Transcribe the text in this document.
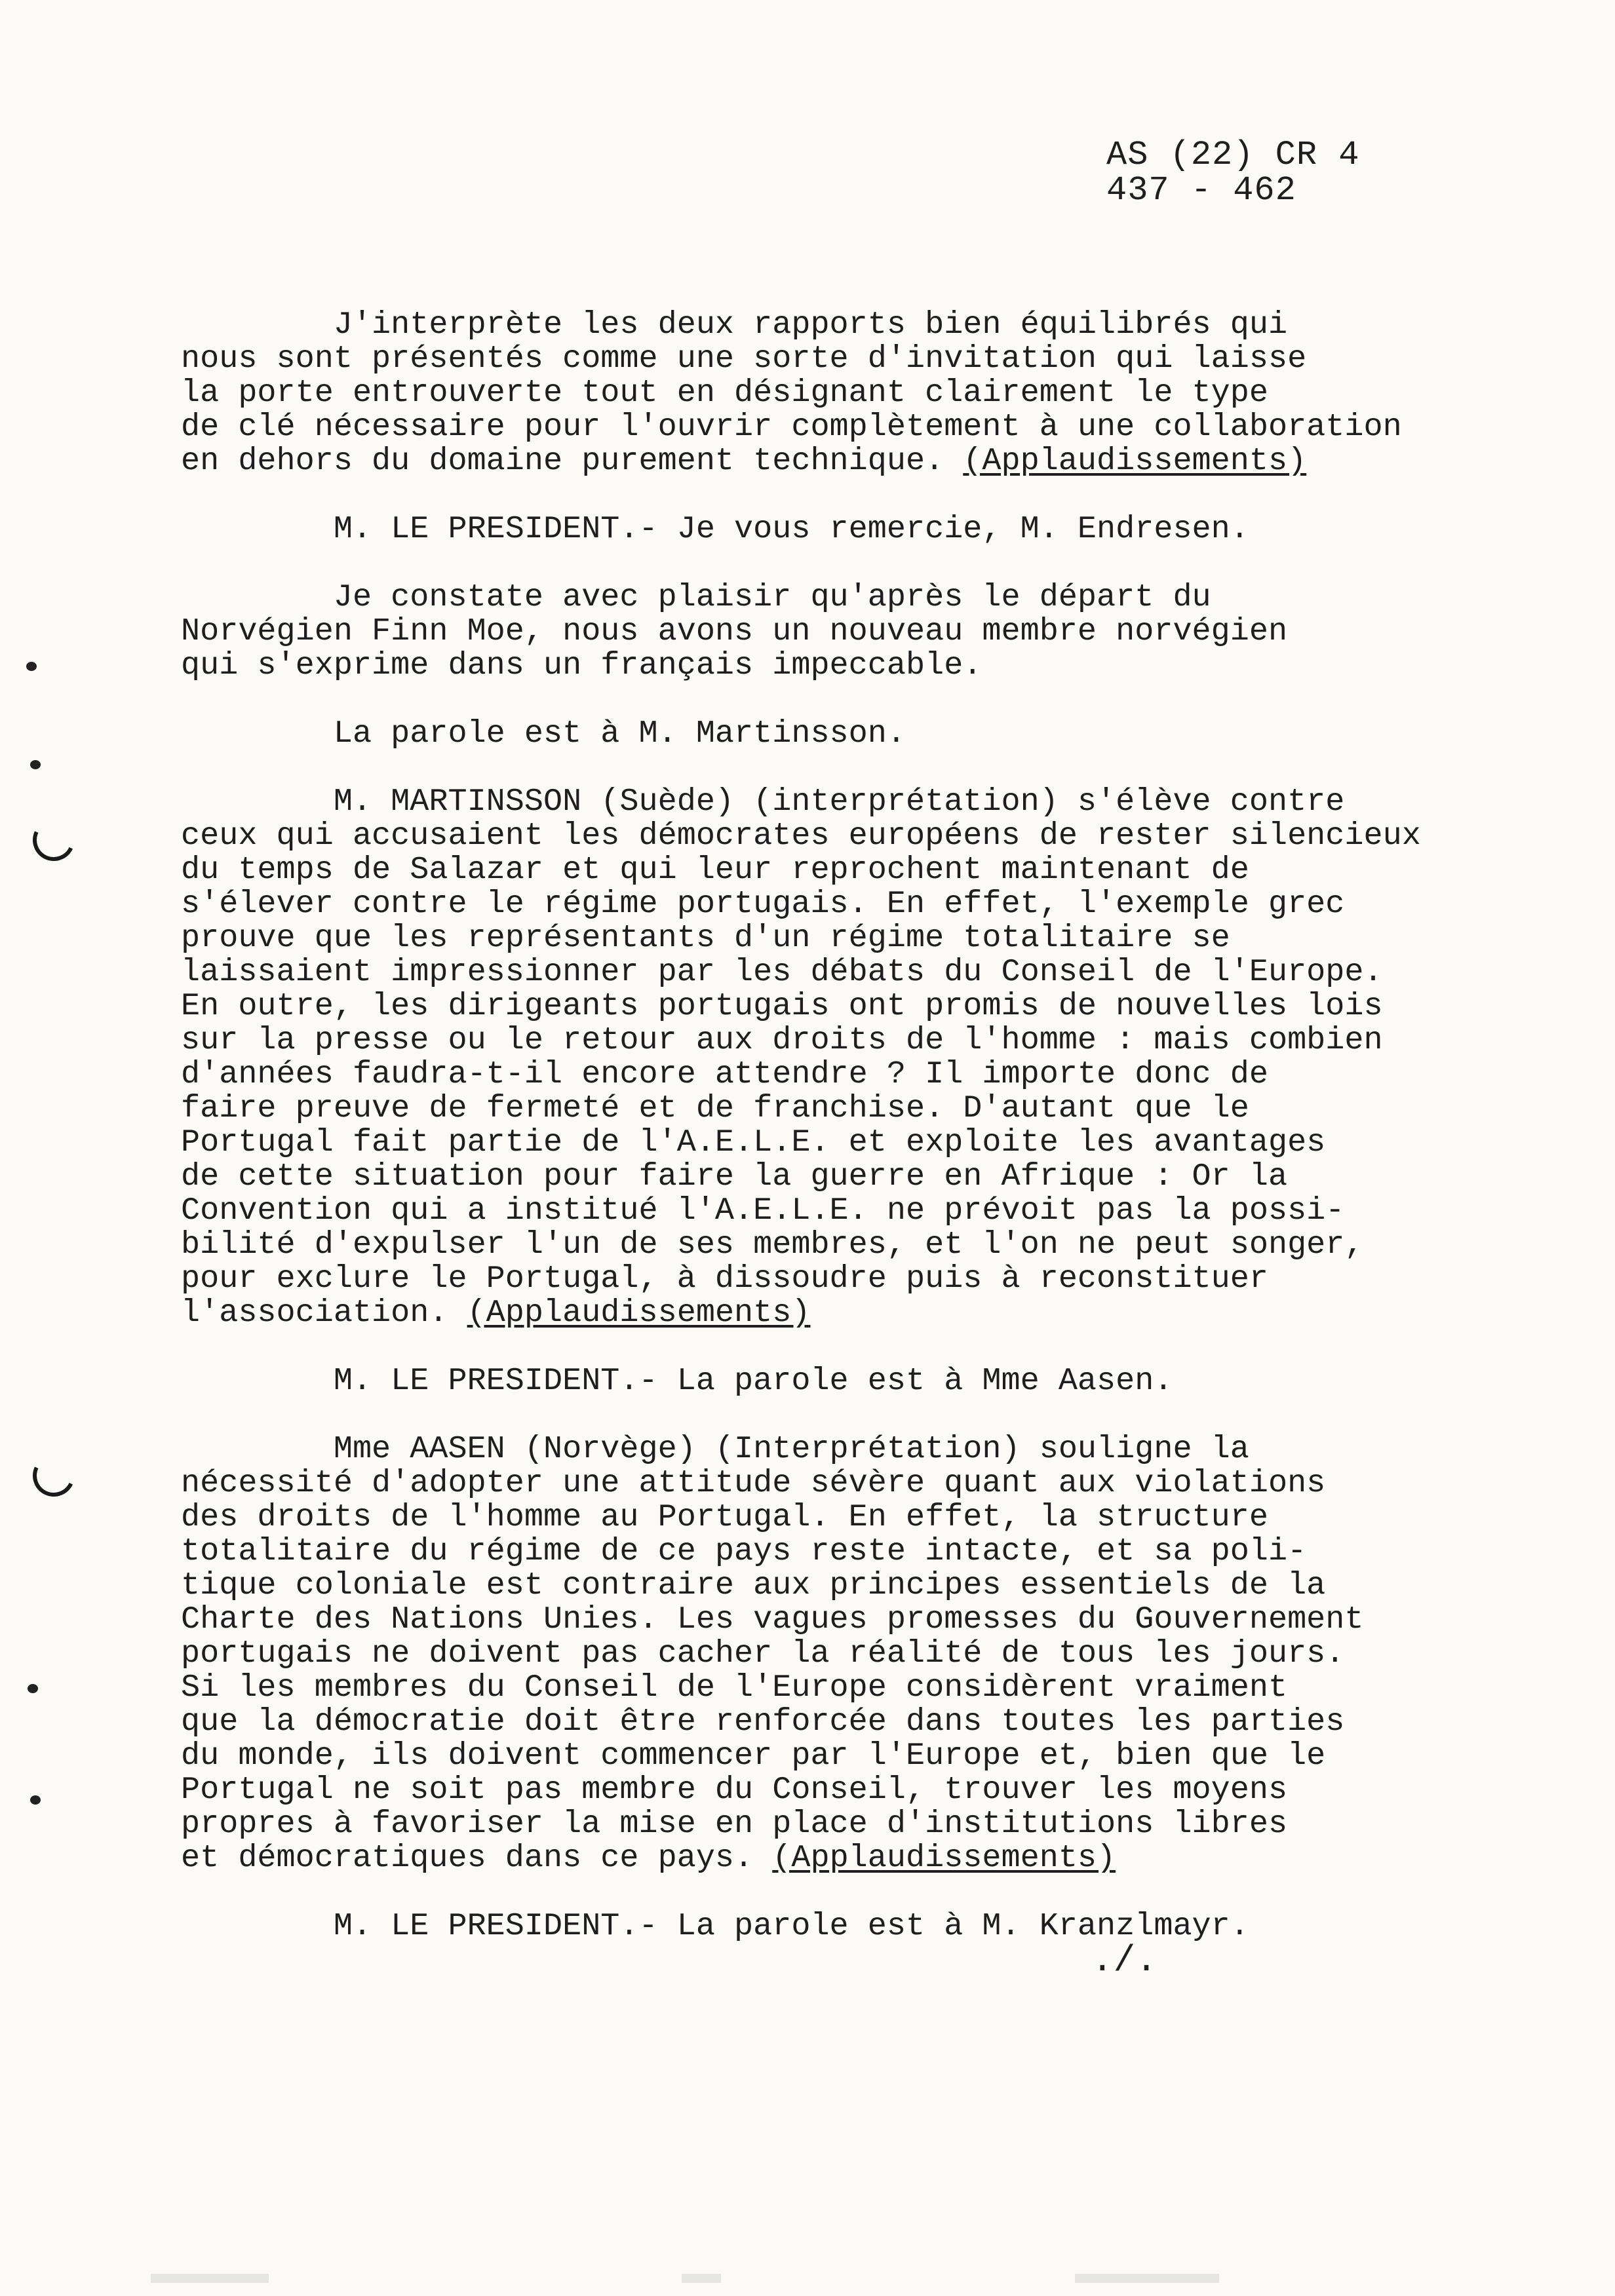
AS (22) CR 4
437 - 462
J'interprète les deux rapports bien équilibrés qui
nous sont présentés comme une sorte d'invitation qui laisse
la porte entrouverte tout en désignant clairement le type
de clé nécessaire pour l'ouvrir complètement à une collaboration
en dehors du domaine purement technique. (Applaudissements)
M. LE PRESIDENT.- Je vous remercie, M. Endresen.
Je constate avec plaisir qu'après le départ du
Norvégien Finn Moe, nous avons un nouveau membre norvégien
qui s'exprime dans un français impeccable.
La parole est à M. Martinsson.
M. MARTINSSON (Suède) (interprétation) s'élève contre
ceux qui accusaient les démocrates européens de rester silencieux
du temps de Salazar et qui leur reprochent maintenant de
s'élever contre le régime portugais. En effet, l'exemple grec
prouve que les représentants d'un régime totalitaire se
laissaient impressionner par les débats du Conseil de l'Europe.
En outre, les dirigeants portugais ont promis de nouvelles lois
sur la presse ou le retour aux droits de l'homme : mais combien
d'années faudra-t-il encore attendre ? Il importe donc de
faire preuve de fermeté et de franchise. D'autant que le
Portugal fait partie de l'A.E.L.E. et exploite les avantages
de cette situation pour faire la guerre en Afrique : Or la
Convention qui a institué l'A.E.L.E. ne prévoit pas la possi-
bilité d'expulser l'un de ses membres, et l'on ne peut songer,
pour exclure le Portugal, à dissoudre puis à reconstituer
l'association. (Applaudissements)
M. LE PRESIDENT.- La parole est à Mme Aasen.
Mme AASEN (Norvège) (Interprétation) souligne la
nécessité d'adopter une attitude sévère quant aux violations
des droits de l'homme au Portugal. En effet, la structure
totalitaire du régime de ce pays reste intacte, et sa poli-
tique coloniale est contraire aux principes essentiels de la
Charte des Nations Unies. Les vagues promesses du Gouvernement
portugais ne doivent pas cacher la réalité de tous les jours.
Si les membres du Conseil de l'Europe considèrent vraiment
que la démocratie doit être renforcée dans toutes les parties
du monde, ils doivent commencer par l'Europe et, bien que le
Portugal ne soit pas membre du Conseil, trouver les moyens
propres à favoriser la mise en place d'institutions libres
et démocratiques dans ce pays. (Applaudissements)
M. LE PRESIDENT.- La parole est à M. Kranzlmayr.
./.
